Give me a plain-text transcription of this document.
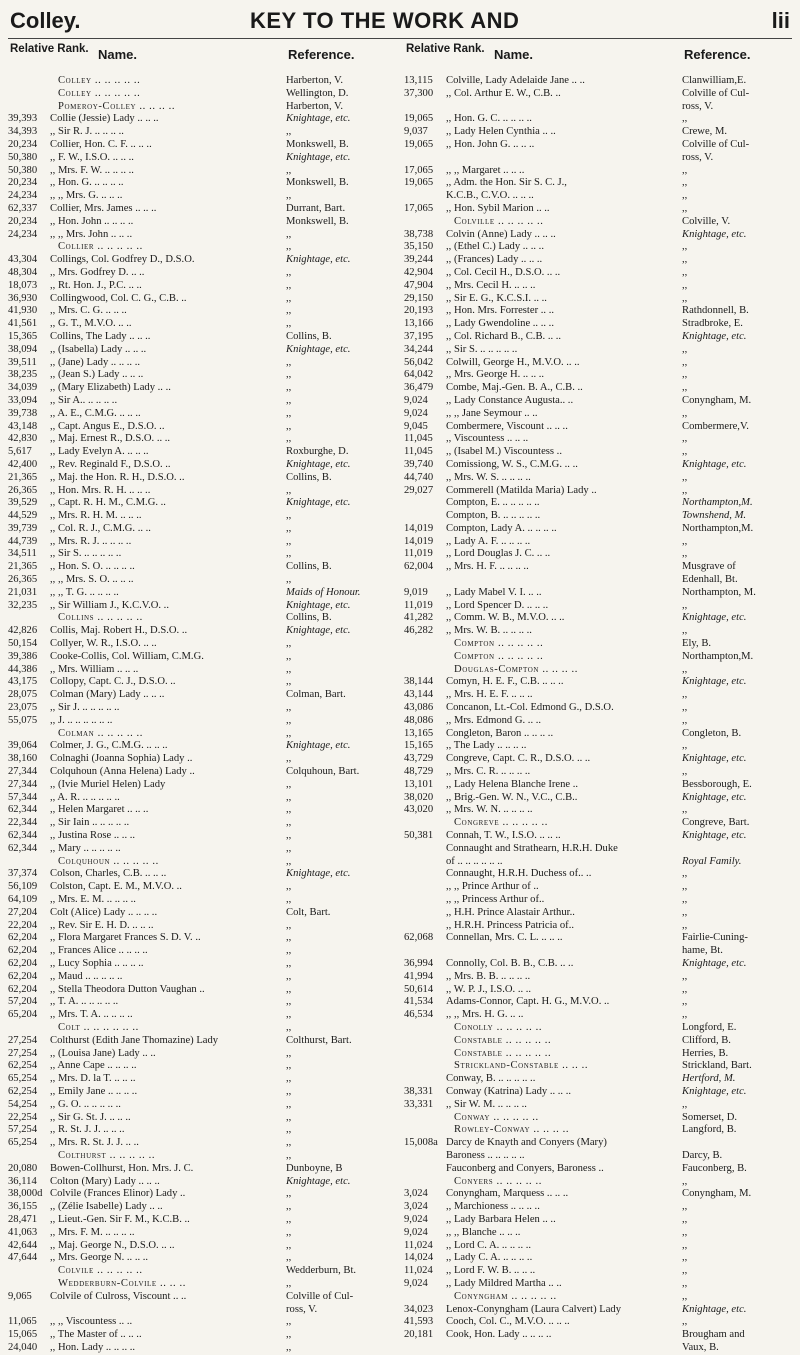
Colley.	KEY TO THE WORK AND	lii
Relative Rank. Name.	Reference.
Colley .. .. .. .. ..	Harberton, V.
Colley .. .. .. .. ..	Wellington, D.
Pomeroy-Colley .. .. .. ..	Harberton, V.
39,393	Collie (Jessie) Lady .. .. ..	Knightage, etc.
34,393	,, Sir R. J. .. .. .. ..	,,
20,234	Collier, Hon. C. F. .. .. ..	Monkswell, B.
50,380	,, F. W., I.S.O. .. .. ..	Knightage, etc.
50,380	,, Mrs. F. W. .. .. .. ..	,,
20,234	,, Hon. G. .. .. .. ..	Monkswell, B.
24,234	,, ,, Mrs. G. .. .. ..	,,
62,337	Collier, Mrs. James .. .. ..	Durrant, Bart.
20,234	,, Hon. John .. .. .. ..	Monkswell, B.
24,234	,, ,, Mrs. John .. .. ..	,,
Collier .. .. .. .. ..	,,
43,304	Collings, Col. Godfrey D., D.S.O.	Knightage, etc.
48,304	,, Mrs. Godfrey D. .. ..	,,
18,073	,, Rt. Hon. J., P.C. .. ..	,,
36,930	Collingwood, Col. C. G., C.B. ..	,,
41,930	,, Mrs. C. G. .. .. ..	,,
41,561	,, G. T., M.V.O. .. ..	,,
15,365	Collins, The Lady .. .. ..	Collins, B.
38,094	,, (Isabella) Lady .. .. ..	Knightage, etc.
39,511	,, (Jane) Lady .. .. .. ..	,,
38,235	,, (Jean S.) Lady .. .. ..	,,
34,039	,, (Mary Elizabeth) Lady .. ..	,,
33,094	,, Sir A.. .. .. .. ..	,,
39,738	,, A. E., C.M.G. .. .. ..	,,
43,148	,, Capt. Angus E., D.S.O. ..	,,
42,830	,, Maj. Ernest R., D.S.O. .. ..	,,
5,617	,, Lady Evelyn A. .. .. ..	Roxburghe, D.
42,400	,, Rev. Reginald F., D.S.O. ..	Knightage, etc.
21,365	,, Maj. the Hon. R. H., D.S.O. ..	Collins, B.
26,365	,, Hon. Mrs. R. H. .. .. ..	,,
39,529	,, Capt. R. H. M., C.M.G. ..	Knightage, etc.
44,529	,, Mrs. R. H. M. .. .. ..	,,
39,739	,, Col. R. J., C.M.G. .. ..	,,
44,739	,, Mrs. R. J. .. .. .. ..	,,
34,511	,, Sir S. .. .. .. .. ..	,,
21,365	,, Hon. S. O. .. .. .. ..	Collins, B.
26,365	,, ,, Mrs. S. O. .. .. ..	,,
21,031	,, ,, T. G. .. .. .. ..	Maids of Honour.
32,235	,, Sir William J., K.C.V.O. ..	Knightage, etc.
Collins .. .. .. .. ..	Collins, B.
42,826	Collis, Maj. Robert H., D.S.O. ..	Knightage, etc.
50,154	Collyer, W. R., I.S.O. .. ..	,,
39,386	Cooke-Collis, Col. William, C.M.G.	,,
44,386	,, Mrs. William .. .. ..	,,
43,175	Collopy, Capt. C. J., D.S.O. ..	,,
28,075	Colman (Mary) Lady .. .. ..	Colman, Bart.
23,075	,, Sir J. .. .. .. .. ..	,,
55,075	,, J. .. .. .. .. .. ..	,,
Colman .. .. .. .. ..	,,
39,064	Colmer, J. G., C.M.G. .. .. ..	Knightage, etc.
38,160	Colnaghi (Joanna Sophia) Lady ..	,,
27,344	Colquhoun (Anna Helena) Lady ..	Colquhoun, Bart.
27,344	,, (Ivie Muriel Helen) Lady	,,
57,344	,, A. R. .. .. .. .. ..	,,
62,344	,, Helen Margaret .. .. ..	,,
22,344	,, Sir Iain .. .. .. .. ..	,,
62,344	,, Justina Rose .. .. ..	,,
62,344	,, Mary .. .. .. .. ..	,,
Colquhoun .. .. .. .. ..	,,
37,374	Colson, Charles, C.B. .. .. ..	Knightage, etc.
56,109	Colston, Capt. E. M., M.V.O. ..	,,
64,109	,, Mrs. E. M. .. .. .. ..	,,
27,204	Colt (Alice) Lady .. .. .. ..	Colt, Bart.
22,204	,, Rev. Sir E. H. D. .. .. ..	,,
62,204	,, Flora Margaret Frances S. D. V. ..	,,
62,204	,, Frances Alice .. .. .. ..	,,
62,204	,, Lucy Sophia .. .. .. ..	,,
62,204	,, Maud .. .. .. .. ..	,,
62,204	,, Stella Theodora Dutton Vaughan ..	,,
57,204	,, T. A. .. .. .. .. ..	,,
65,204	,, Mrs. T. A. .. .. .. ..	,,
Colt .. .. .. .. .. ..	,,
27,254	Colthurst (Edith Jane Thomazine) Lady	Colthurst, Bart.
27,254	,, (Louisa Jane) Lady .. ..	,,
62,254	,, Anne Cape .. .. .. ..	,,
65,254	,, Mrs. D. la T. .. .. ..	,,
62,254	,, Emily Jane .. .. .. ..	,,
54,254	,, G. O. .. .. .. .. ..	,,
22,254	,, Sir G. St. J. .. .. ..	,,
57,254	,, R. St. J. J. .. .. ..	,,
65,254	,, Mrs. R. St. J. J. .. ..	,,
Colthurst .. .. .. .. ..	,,
20,080	Bowen-Collhurst, Hon. Mrs. J. C.	Dunboyne, B
36,114	Colton (Mary) Lady .. .. ..	Knightage, etc.
38,000d Colvile (Frances Elinor) Lady ..	,,
36,155	,, (Zélie Isabelle) Lady .. ..	,,
28,471	,, Lieut.-Gen. Sir F. M., K.C.B. ..	,,
41,063	,, Mrs. F. M. .. .. .. ..	,,
42,644	,, Maj. George N., D.S.O. .. ..	,,
47,644	,, Mrs. George N. .. .. ..	,,
Colvile .. .. .. .. ..	Wedderburn, Bt.
Wedderburn-Colvile .. .. ..	,,
9,065	Colvile of Culross, Viscount .. ..	Colville of Cul-
ross, V.
11,065	,, ,, Viscountess .. ..	,,
15,065	,, The Master of .. .. ..	,,
24,040	,, Hon. Lady .. .. .. ..	,,
Relative Rank. Name.	Reference.
13,115	Colville, Lady Adelaide Jane .. ..	Clanwilliam,E.
37,300	,, Col. Arthur E. W., C.B. ..	Colville of Cul-
ross, V.
19,065	,, Hon. G. C. .. .. .. ..	,,
9,037	,, Lady Helen Cynthia .. ..	Crewe, M.
19,065	,, Hon. John G. .. .. ..	Colville of Cul-
ross, V.
17,065	,, ,, Margaret .. .. ..	,,
19,065	,, Adm. the Hon. Sir S. C. J.,	,,
K.C.B., C.V.O. .. .. ..	,,
17,065	,, Hon. Sybil Marion .. ..	,,
Colville .. .. .. .. ..	Colville, V.
38,738	Colvin (Anne) Lady .. .. ..	Knightage, etc.
35,150	,, (Ethel C.) Lady .. .. ..	,,
39,244	,, (Frances) Lady .. .. ..	,,
42,904	,, Col. Cecil H., D.S.O. .. ..	,,
47,904	,, Mrs. Cecil H. .. .. ..	,,
29,150	,, Sir E. G., K.C.S.I. .. ..	,,
20,193	,, Hon. Mrs. Forrester .. ..	Rathdonnell, B.
13,166	,, Lady Gwendoline .. .. ..	Stradbroke, E.
37,195	,, Col. Richard B., C.B. .. ..	Knightage, etc.
34,244	,, Sir S. .. .. .. .. ..	,,
56,042	Colwill, George H., M.V.O. .. ..	,,
64,042	,, Mrs. George H. .. .. ..	,,
36,479	Combe, Maj.-Gen. B. A., C.B. ..	,,
9,024	,, Lady Constance Augusta.. ..	Conyngham, M.
9,024	,, ,, Jane Seymour .. ..	,,
9,045	Combermere, Viscount .. .. ..	Combermere,V.
11,045	,, Viscountess .. .. ..	,,
11,045	,, (Isabel M.) Viscountess ..	,,
39,740	Comissiong, W. S., C.M.G. .. ..	Knightage, etc.
44,740	,, Mrs. W. S. .. .. .. ..	,,
29,027	Commerell (Matilda Maria) Lady ..	,,
Compton, E. .. .. .. .. ..	Northampton,M.
Compton, B. .. .. .. .. ..	Townshend, M.
14,019	Compton, Lady A. .. .. .. ..	Northampton,M.
14,019	,, Lady A. F. .. .. .. ..	,,
11,019	,, Lord Douglas J. C. .. ..	,,
62,004	,, Mrs. H. F. .. .. .. ..	Musgrave of
Edenhall, Bt.
9,019	,, Lady Mabel V. I. .. ..	Northampton, M.
11,019	,, Lord Spencer D. .. .. ..	,,
41,282	,, Comm. W. B., M.V.O. .. ..	Knightage, etc.
46,282	,, Mrs. W. B. .. .. .. ..	,,
Compton .. .. .. .. ..	Ely, B.
Compton .. .. .. .. ..	Northampton,M.
Douglas-Compton .. .. .. ..	,,
38,144	Comyn, H. E. F., C.B. .. .. ..	Knightage, etc.
43,144	,, Mrs. H. E. F. .. .. ..	,,
43,086	Concanon, Lt.-Col. Edmond G., D.S.O.	,,
48,086	,, Mrs. Edmond G. .. ..	,,
13,165	Congleton, Baron .. .. .. ..	Congleton, B.
15,165	,, The Lady .. .. .. ..	,,
43,729	Congreve, Capt. C. R., D.S.O. .. ..	Knightage, etc.
48,729	,, Mrs. C. R. .. .. .. ..	,,
13,101	,, Lady Helena Blanche Irene ..	Bessborough, E.
38,020	,, Brig.-Gen. W. N., V.C., C.B..	Knightage, etc.
43,020	,, Mrs. W. N. .. .. .. ..	,,
Congreve .. .. .. .. ..	Congreve, Bart.
50,381	Connah, T. W., I.S.O. .. .. ..	Knightage, etc.
Connaught and Strathearn, H.R.H. Duke
of .. .. .. .. .. ..	Royal Family.
Connaught, H.R.H. Duchess of.. ..	,,
,, ,, Prince Arthur of ..	,,
,, ,, Princess Arthur of..	,,
,, H.H. Prince Alastair Arthur..	,,
,, H.R.H. Princess Patricia of..	,,
62,068	Connellan, Mrs. C. L. .. .. ..	Fairlie-Cuning-
hame, Bt.
36,994	Connolly, Col. B. B., C.B. .. ..	Knightage, etc.
41,994	,, Mrs. B. B. .. .. .. ..	,,
50,614	,, W. P. J., I.S.O. .. ..	,,
41,534	Adams-Connor, Capt. H. G., M.V.O. ..	,,
46,534	,, ,, Mrs. H. G. .. ..	,,
Conolly .. .. .. .. ..	Longford, E.
Constable .. .. .. .. ..	Clifford, B.
Constable .. .. .. .. ..	Herries, B.
Strickland-Constable .. .. ..	Strickland, Bart.
Conway, B. .. .. .. .. ..	Hertford, M.
38,331	Conway (Katrina) Lady .. .. ..	Knightage, etc.
33,331	,, Sir W. M. .. .. .. ..	,,
Conway .. .. .. .. ..	Somerset, D.
Rowley-Conway .. .. .. ..	Langford, B.
15,008a Darcy de Knayth and Conyers (Mary)
Baroness .. .. .. .. ..	Darcy, B.
Fauconberg and Conyers, Baroness ..	Fauconberg, B.
Conyers .. .. .. .. ..	,,
3,024	Conyngham, Marquess .. .. ..	Conyngham, M.
3,024	,, Marchioness .. .. .. ..	,,
9,024	,, Lady Barbara Helen .. ..	,,
9,024	,, ,, Blanche .. .. ..	,,
11,024	,, Lord C. A. .. .. .. ..	,,
14,024	,, Lady C. A. .. .. .. ..	,,
11,024	,, Lord F. W. B. .. .. ..	,,
9,024	,, Lady Mildred Martha .. ..	,,
Conyngham .. .. .. .. ..	,,
34,023	Lenox-Conyngham (Laura Calvert) Lady	Knightage, etc.
41,593	Cooch, Col. C., M.V.O. .. .. ..	,,
20,181	Cook, Hon. Lady .. .. .. ..	Brougham and
Vaux, B.
